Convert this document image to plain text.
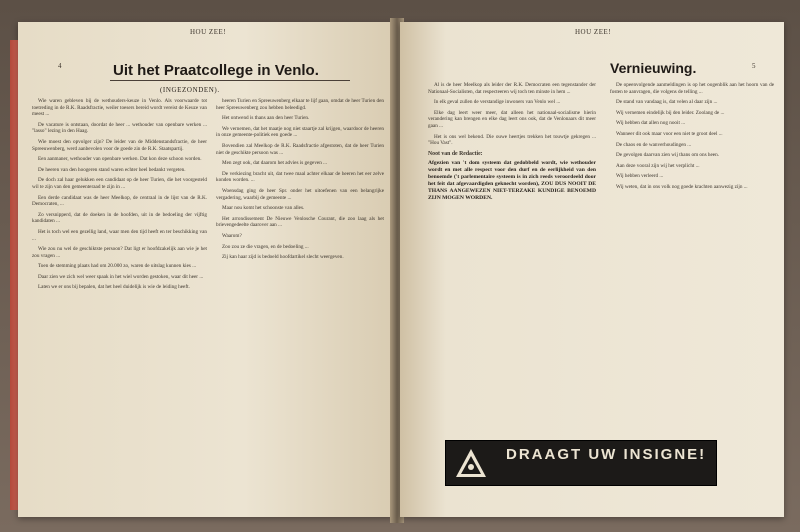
HOU ZEE!
4	Uit het Praatcollege in Venlo.
(INGEZONDEN).

Wie waren gebleven bij de wethouders-keuze in Venlo. Als voorwaarde tot toetreding in de R.K. Raadsfractie, weiler toesers bereid wordt vereist de Keuze van meest ...

De vacature is ontstaan, doordat de heer ... wethouder van openbare werken ... "lasso" lezing in den Haag.

Wie moest den opvolger zijn? De leider van de Middenstandsfractie, de heer Spreeuwenberg, werd aanbevolen voor de goede zin de R.K. Staatspartij.

Een aanmaner, wethouder van openbare werken. Dat kon deze schoon worden.

De heeren van den hoogeren stand waren echter heel bedankt vergeten.

De doch zal haar gelukken een candidaat op de heer Turien, die het voorgesteld wil te zijn van den gemeenteraad te zijn in ...

Een derde candidaat was de heer Meelkop, de centraal in de lijst van de R.K. Democraten, ...

Zo versnipperd, dat de doeken in de hoofden, uit in de bedoeling der vijftig kandidaten ...

Het is toch wel een gezellig land, waar men den tijd heeft en ter beschikking van ...

Wie zou nu wel de geschiktste persoon? Dat ligt er hoofdzakelijk aan wie je het zou vragen ...

Toen de stemming plaats had om 20.000 zo, waren de uitslag kunnen kies ...

Daar zien we zich wel weer spaak in het wiel worden gestoken, waar dit heer ...

Laten we er ons bij bepalen, dat het heel duidelijk is wie de leiding heeft.

heeren Turien en Spreeuwenberg elkaar te lijf gaan, omdat de heer Turien den heer Spreeuwenberg zou hebben beleedigd.

Het ontwend is thans aan den heer Turien.

We vernemen, dat het maatje nog niet staartje zal krijgen, waardoor de heeren in onze gemeente-politiek een goede ...

Bovendien zal Meelkop de R.K. Raadsfractie afgestoten, dat de heer Turien niet de geschikte persoon was ...

Men zegt ook, dat daarom het advies is gegeven ...

De verkiezing bracht uit, dat twee maal achter elkaar de heeren het eer zelve konden worden. ...

Woensdag ging de heer Spr. onder het uitoefenen van een belangrijke vergadering, waarbij de gemeente ...

Maar nou komt het schoonste van alles.

Het arrondissement De Nieuwe Venlosche Courant, die zoo laag als het brievengedeelte daarover aan ...

Waarom?

Zoo zou ze die vragen, en de bedoeling ...

Zij kan haar zijd is bedoeld hoofdartikel slecht weergeven.

HOU ZEE!
5

Al is de heer Meelkop als leider der R.K. Democraten een tegenstander der Nationaal-Socialisten, dat respecteeren wij toch ten minste in hem ...

In elk geval zullen de verstandige inwoners van Venlo wel ...

Elke dag leert weer meer, dat alleen het nationaal-socialisme hierin verandering kan brengen en elke dag leert ons ook, dat de Venlonaars dit meer gaan ...

Het is ons wel bekend. Die ouwe heertjes trekken het touwtje gekregen ... "Hou Vast".

Noot van de Redactie:
Afgezien van 't dom systeem dat gedobbeld wordt, wie wethouder wordt en met alle respect voor den durf en de eerlijkheid van den benoemde ('t parlementaire systeem is in zich reeds veroordeeld door het feit dat afgevaardigden geknecht worden), ZOU DUS NOOIT DE THANS AANGEWEZEN NIET-TERZAKE KUNDIGE BENOEMD ZIJN MOGEN WORDEN.
Vernieuwing.

De opeenvolgende aanmeldingen is op het oogenblik aan het hoorn van de fosten te aanvragen, die volgens de telling ...

De stand van vandaag is, dat velen al daar zijn ...

Wij vernemen eindelijk bij den leider. Zoolang de ...

Wij hebben dat allen nog nooit ...

Wanneer dit ook maar voor een niet te groot deel ...

De chaos en de wanverhoudingen ...

De gevolgen daarvan zien wij thans om ons heen.

Aan deze vooral zijn wij het verplicht ...

Wij hebben verleerd ...

Wij weten, dat in ons volk nog goede krachten aanwezig zijn ...

DRAAGT UW INSIGNE!
